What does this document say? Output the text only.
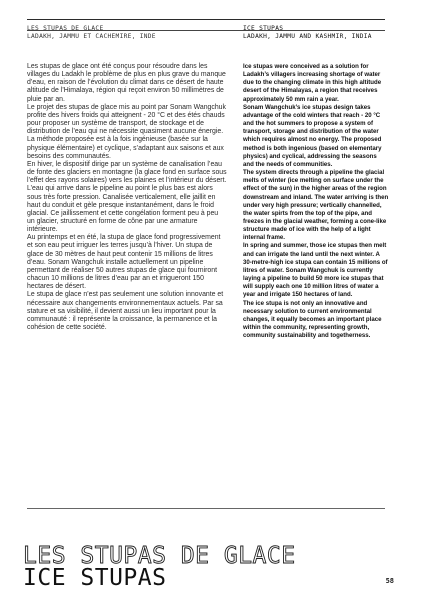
LES STUPAS DE GLACE
LADAKH, JAMMU ET CACHEMIRE, INDE
ICE STUPAS
LADAKH, JAMMU AND KASHMIR, INDIA

Les stupas de glace ont été conçus pour résoudre dans les villages du Ladakh le problème de plus en plus grave du manque d’eau, en raison de l’évolution du climat dans ce désert de haute altitude de l’Himalaya, région qui reçoit environ 50 millimètres de pluie par an.

Le projet des stupas de glace mis au point par Sonam Wangchuk profite des hivers froids qui atteignent - 20 °C et des étés chauds pour proposer un système de transport, de stockage et de distribution de l’eau qui ne nécessite quasiment aucune énergie. La méthode proposée est à la fois ingénieuse (basée sur la physique élémentaire) et cyclique, s’adaptant aux saisons et aux besoins des communautés.

En hiver, le dispositif dirige par un système de canalisation l’eau de fonte des glaciers en montagne (la glace fond en surface sous l’effet des rayons solaires) vers les plaines et l’intérieur du désert. L’eau qui arrive dans le pipeline au point le plus bas est alors sous très forte pression. Canalisée verticalement, elle jaillit en haut du conduit et gèle presque instantanément, dans le froid glacial. Ce jaillissement et cette congélation forment peu à peu un glacier, structuré en forme de cône par une armature intérieure.

Au printemps et en été, la stupa de glace fond progressivement et son eau peut irriguer les terres jusqu’à l’hiver. Un stupa de glace de 30 mètres de haut peut contenir 15 millions de litres d’eau. Sonam Wangchuk installe actuellement un pipeline permettant de réaliser 50 autres stupas de glace qui fourniront chacun 10 millions de litres d’eau par an et irrigueront 150 hectares de désert.

Le stupa de glace n’est pas seulement une solution innovante et nécessaire aux changements environnementaux actuels. Par sa stature et sa visibilité, il devient aussi un lieu important pour la communauté : il représente la croissance, la permanence et la cohésion de cette société.

Ice stupas were conceived as a solution for Ladakh’s villagers increasing shortage of water due to the changing climate in this high altitude desert of the Himalayas, a region that receives approximately 50 mm rain a year.

Sonam Wangchuk’s ice stupas design takes advantage of the cold winters that reach - 20 °C and the hot summers to propose a system of transport, storage and distribution of the water which requires almost no energy. The proposed method is both ingenious (based on elementary physics) and cyclical, addressing the seasons and the needs of communities.

The system directs through a pipeline the glacial melts of winter (ice melting on surface under the effect of the sun) in the higher areas of the region downstream and inland. The water arriving is then under very high pressure; vertically channelled, the water spirts from the top of the pipe, and freezes in the glacial weather, forming a cone-like structure made of ice with the help of a light internal frame.

In spring and summer, those ice stupas then melt and can irrigate the land until the next winter. A 30-metre-high ice stupa can contain 15 millions of litres of water. Sonam Wangchuk is currently laying a pipeline to build 50 more ice stupas that will supply each one 10 million litres of water a year and irrigate 150 hectares of land.

The ice stupa is not only an innovative and necessary solution to current environmental changes, it equally becomes an important place within the community, representing growth, community sustainability and togetherness.

LES STUPAS DE GLACE
ICE STUPAS	58
